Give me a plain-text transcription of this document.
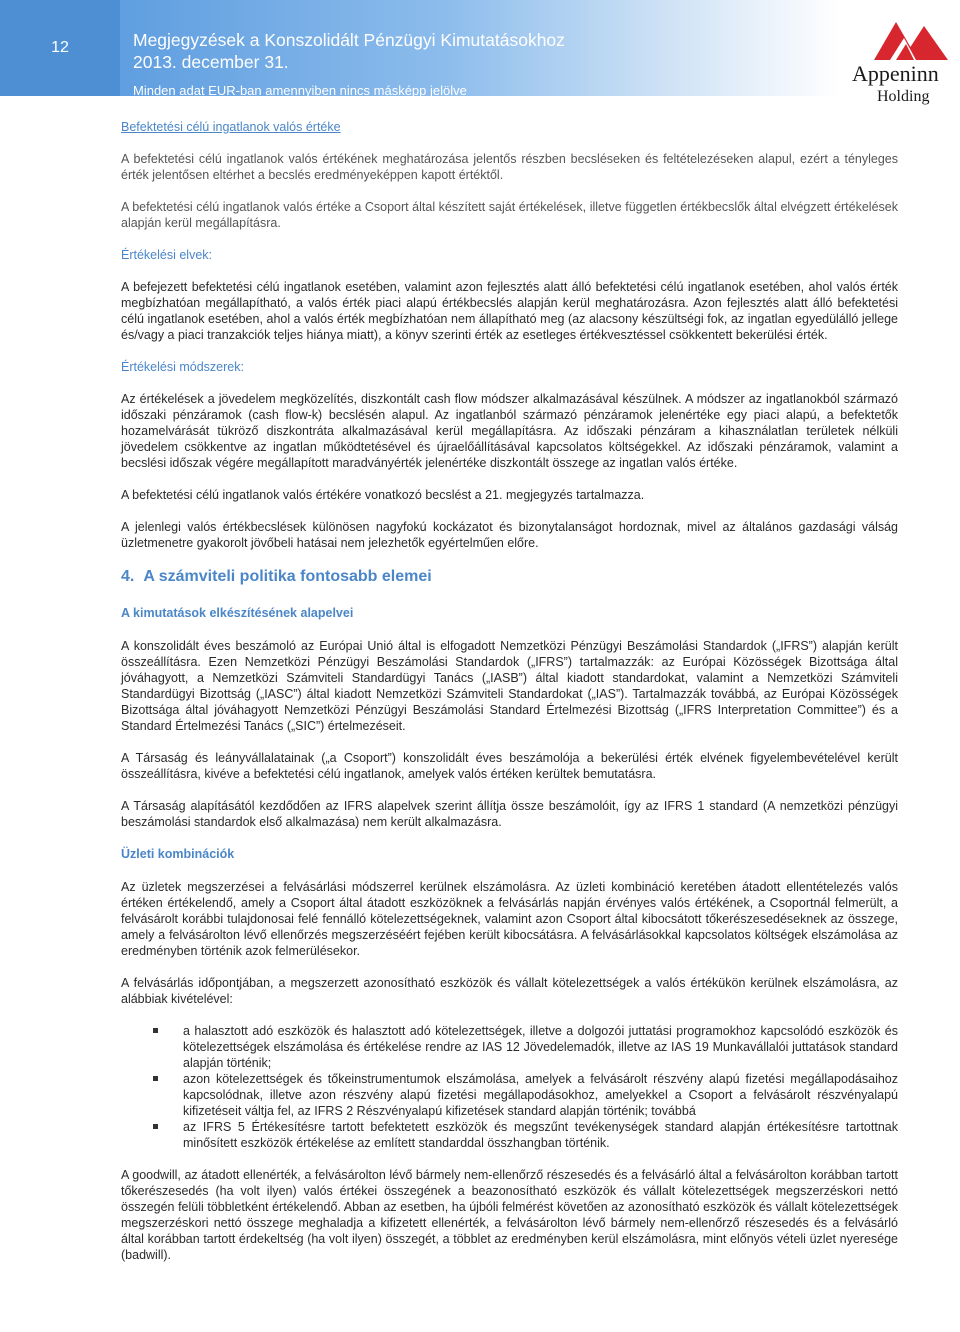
12	Megjegyzések a Konszolidált Pénzügyi Kimutatásokhoz
2013. december 31.
Minden adat EUR-ban amennyiben nincs másképp jelölve
Appeninn
Holding
Befektetési célú ingatlanok valós értéke

A befektetési célú ingatlanok valós értékének meghatározása jelentős részben becsléseken és feltételezéseken alapul, ezért a tényleges érték jelentősen eltérhet a becslés eredményeképpen kapott értéktől.

A befektetési célú ingatlanok valós értéke a Csoport által készített saját értékelések, illetve független értékbecslők által elvégzett értékelések alapján kerül megállapításra.

Értékelési elvek:

A befejezett befektetési célú ingatlanok esetében, valamint azon fejlesztés alatt álló befektetési célú ingatlanok esetében, ahol valós érték megbízhatóan megállapítható, a valós érték piaci alapú értékbecslés alapján kerül meghatározásra. Azon fejlesztés alatt álló befektetési célú ingatlanok esetében, ahol a valós érték megbízhatóan nem állapítható meg (az alacsony készültségi fok, az ingatlan egyedülálló jellege és/vagy a piaci tranzakciók teljes hiánya miatt), a könyv szerinti érték az esetleges értékvesztéssel csökkentett bekerülési érték.

Értékelési módszerek:

Az értékelések a jövedelem megközelítés, diszkontált cash flow módszer alkalmazásával készülnek. A módszer az ingatlanokból származó időszaki pénzáramok (cash flow-k) becslésén alapul. Az ingatlanból származó pénzáramok jelenértéke egy piaci alapú, a befektetők hozamelvárását tükröző diszkontráta alkalmazásával kerül megállapításra. Az időszaki pénzáram a kihasználatlan területek nélküli jövedelem csökkentve az ingatlan működtetésével és újraelőállításával kapcsolatos költségekkel. Az időszaki pénzáramok, valamint a becslési időszak végére megállapított maradványérték jelenértéke diszkontált összege az ingatlan valós értéke.

A befektetési célú ingatlanok valós értékére vonatkozó becslést a 21. megjegyzés tartalmazza.

A jelenlegi valós értékbecslések különösen nagyfokú kockázatot és bizonytalanságot hordoznak, mivel az általános gazdasági válság üzletmenetre gyakorolt jövőbeli hatásai nem jelezhetők egyértelműen előre.

4. A számviteli politika fontosabb elemei
A kimutatások elkészítésének alapelvei

A konszolidált éves beszámoló az Európai Unió által is elfogadott Nemzetközi Pénzügyi Beszámolási Standardok („IFRS”) alapján került összeállításra. Ezen Nemzetközi Pénzügyi Beszámolási Standardok („IFRS”) tartalmazzák: az Európai Közösségek Bizottsága által jóváhagyott, a Nemzetközi Számviteli Standardügyi Tanács („IASB”) által kiadott standardokat, valamint a Nemzetközi Számviteli Standardügyi Bizottság („IASC”) által kiadott Nemzetközi Számviteli Standardokat („IAS”). Tartalmazzák továbbá, az Európai Közösségek Bizottsága által jóváhagyott Nemzetközi Pénzügyi Beszámolási Standard Értelmezési Bizottság („IFRS Interpretation Committee”) és a Standard Értelmezési Tanács („SIC”) értelmezéseit.

A Társaság és leányvállalatainak („a Csoport”) konszolidált éves beszámolója a bekerülési érték elvének figyelembevételével került összeállításra, kivéve a befektetési célú ingatlanok, amelyek valós értéken kerültek bemutatásra.

A Társaság alapításától kezdődően az IFRS alapelvek szerint állítja össze beszámolóit, így az IFRS 1 standard (A nemzetközi pénzügyi beszámolási standardok első alkalmazása) nem került alkalmazásra.

Üzleti kombinációk

Az üzletek megszerzései a felvásárlási módszerrel kerülnek elszámolásra. Az üzleti kombináció keretében átadott ellentételezés valós értéken értékelendő, amely a Csoport által átadott eszközöknek a felvásárlás napján érvényes valós értékének, a Csoportnál felmerült, a felvásárolt korábbi tulajdonosai felé fennálló kötelezettségeknek, valamint azon Csoport által kibocsátott tőkerészesedéseknek az összege, amely a felvásárolton lévő ellenőrzés megszerzéséért fejében került kibocsátásra. A felvásárlásokkal kapcsolatos költségek elszámolása az eredményben történik azok felmerülésekor.

A felvásárlás időpontjában, a megszerzett azonosítható eszközök és vállalt kötelezettségek a valós értékükön kerülnek elszámolásra, az alábbiak kivételével:

a halasztott adó eszközök és halasztott adó kötelezettségek, illetve a dolgozói juttatási programokhoz kapcsolódó eszközök és kötelezettségek elszámolása és értékelése rendre az IAS 12 Jövedelemadók, illetve az IAS 19 Munkavállalói juttatások standard alapján történik;
azon kötelezettségek és tőkeinstrumentumok elszámolása, amelyek a felvásárolt részvény alapú fizetési megállapodásaihoz kapcsolódnak, illetve azon részvény alapú fizetési megállapodásokhoz, amelyekkel a Csoport a felvásárolt részvényalapú kifizetéseit váltja fel, az IFRS 2 Részvényalapú kifizetések standard alapján történik; továbbá
az IFRS 5 Értékesítésre tartott befektetett eszközök és megszűnt tevékenységek standard alapján értékesítésre tartottnak minősített eszközök értékelése az említett standarddal összhangban történik.

A goodwill, az átadott ellenérték, a felvásárolton lévő bármely nem-ellenőrző részesedés és a felvásárló által a felvásárolton korábban tartott tőkerészesedés (ha volt ilyen) valós értékei összegének a beazonosítható eszközök és vállalt kötelezettségek megszerzéskori nettó összegén felüli többletként értékelendő. Abban az esetben, ha újbóli felmérést követően az azonosítható eszközök és vállalt kötelezettségek megszerzéskori nettó összege meghaladja a kifizetett ellenérték, a felvásárolton lévő bármely nem-ellenőrző részesedés és a felvásárló által korábban tartott érdekeltség (ha volt ilyen) összegét, a többlet az eredményben kerül elszámolásra, mint előnyös vételi üzlet nyeresége (badwill).
